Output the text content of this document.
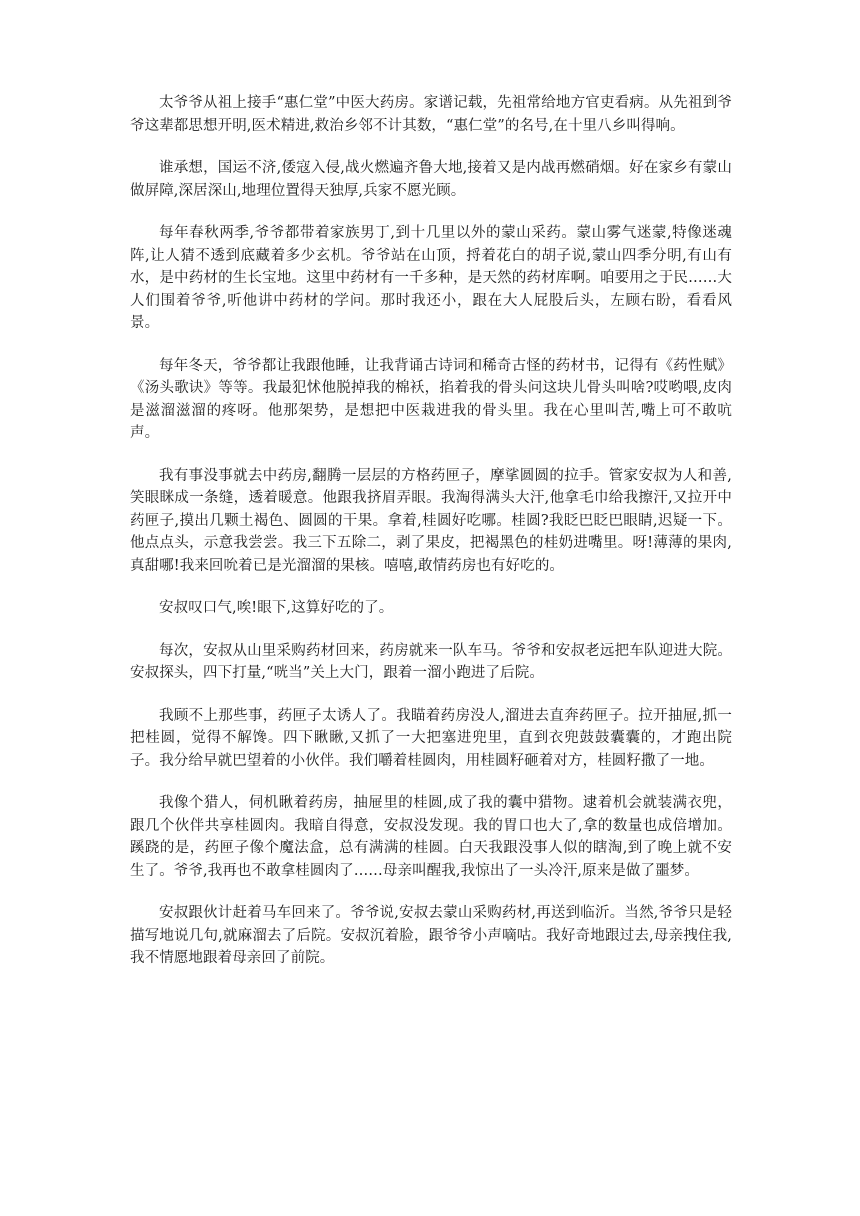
太爷爷从祖上接手“惠仁堂”中医大药房。家谱记载，先祖常给地方官吏看病。从先祖到爷爷这辈都思想开明,医术精进,救治乡邻不计其数，“惠仁堂”的名号,在十里八乡叫得响。

谁承想，国运不济,倭寇入侵,战火燃遍齐鲁大地,接着又是内战再燃硝烟。好在家乡有蒙山做屏障,深居深山,地理位置得天独厚,兵家不愿光顾。

每年春秋两季,爷爷都带着家族男丁,到十几里以外的蒙山采药。蒙山雾气迷蒙,特像迷魂阵,让人猜不透到底藏着多少玄机。爷爷站在山顶，捋着花白的胡子说,蒙山四季分明,有山有水，是中药材的生长宝地。这里中药材有一千多种，是天然的药材库啊。咱要用之于民……大人们围着爷爷,听他讲中药材的学问。那时我还小，跟在大人屁股后头，左顾右盼，看看风景。

每年冬天，爷爷都让我跟他睡，让我背诵古诗词和稀奇古怪的药材书，记得有《药性赋》《汤头歌诀》等等。我最犯怵他脱掉我的棉袄，掐着我的骨头问这块儿骨头叫啥?哎哟喂,皮肉是滋溜滋溜的疼呀。他那架势，是想把中医栽进我的骨头里。我在心里叫苦,嘴上可不敢吭声。

我有事没事就去中药房,翻腾一层层的方格药匣子，摩挲圆圆的拉手。管家安叔为人和善,笑眼眯成一条缝，透着暖意。他跟我挤眉弄眼。我淘得满头大汗,他拿毛巾给我擦汗,又拉开中药匣子,摸出几颗土褐色、圆圆的干果。拿着,桂圆好吃哪。桂圆?我眨巴眨巴眼睛,迟疑一下。他点点头，示意我尝尝。我三下五除二，剥了果皮，把褐黑色的桂奶进嘴里。呀!薄薄的果肉,真甜哪!我来回吮着已是光溜溜的果核。嘻嘻,敢情药房也有好吃的。

安叔叹口气,唉!眼下,这算好吃的了。

每次，安叔从山里采购药材回来，药房就来一队车马。爷爷和安叔老远把车队迎进大院。安叔探头，四下打量,“咣当”关上大门，跟着一溜小跑进了后院。

我顾不上那些事，药匣子太诱人了。我瞄着药房没人,溜进去直奔药匣子。拉开抽屉,抓一把桂圆，觉得不解馋。四下瞅瞅,又抓了一大把塞进兜里，直到衣兜鼓鼓囊囊的，才跑出院子。我分给早就巴望着的小伙伴。我们嚼着桂圆肉，用桂圆籽砸着对方，桂圆籽撒了一地。

我像个猎人，伺机瞅着药房，抽屉里的桂圆,成了我的囊中猎物。逮着机会就装满衣兜，跟几个伙伴共享桂圆肉。我暗自得意，安叔没发现。我的胃口也大了,拿的数量也成倍增加。蹊跷的是，药匣子像个魔法盒，总有满满的桂圆。白天我跟没事人似的瞎淘,到了晚上就不安生了。爷爷,我再也不敢拿桂圆肉了……母亲叫醒我,我惊出了一头冷汗,原来是做了噩梦。

安叔跟伙计赶着马车回来了。爷爷说,安叔去蒙山采购药材,再送到临沂。当然,爷爷只是轻描写地说几句,就麻溜去了后院。安叔沉着脸，跟爷爷小声嘀咕。我好奇地跟过去,母亲拽住我,我不情愿地跟着母亲回了前院。
